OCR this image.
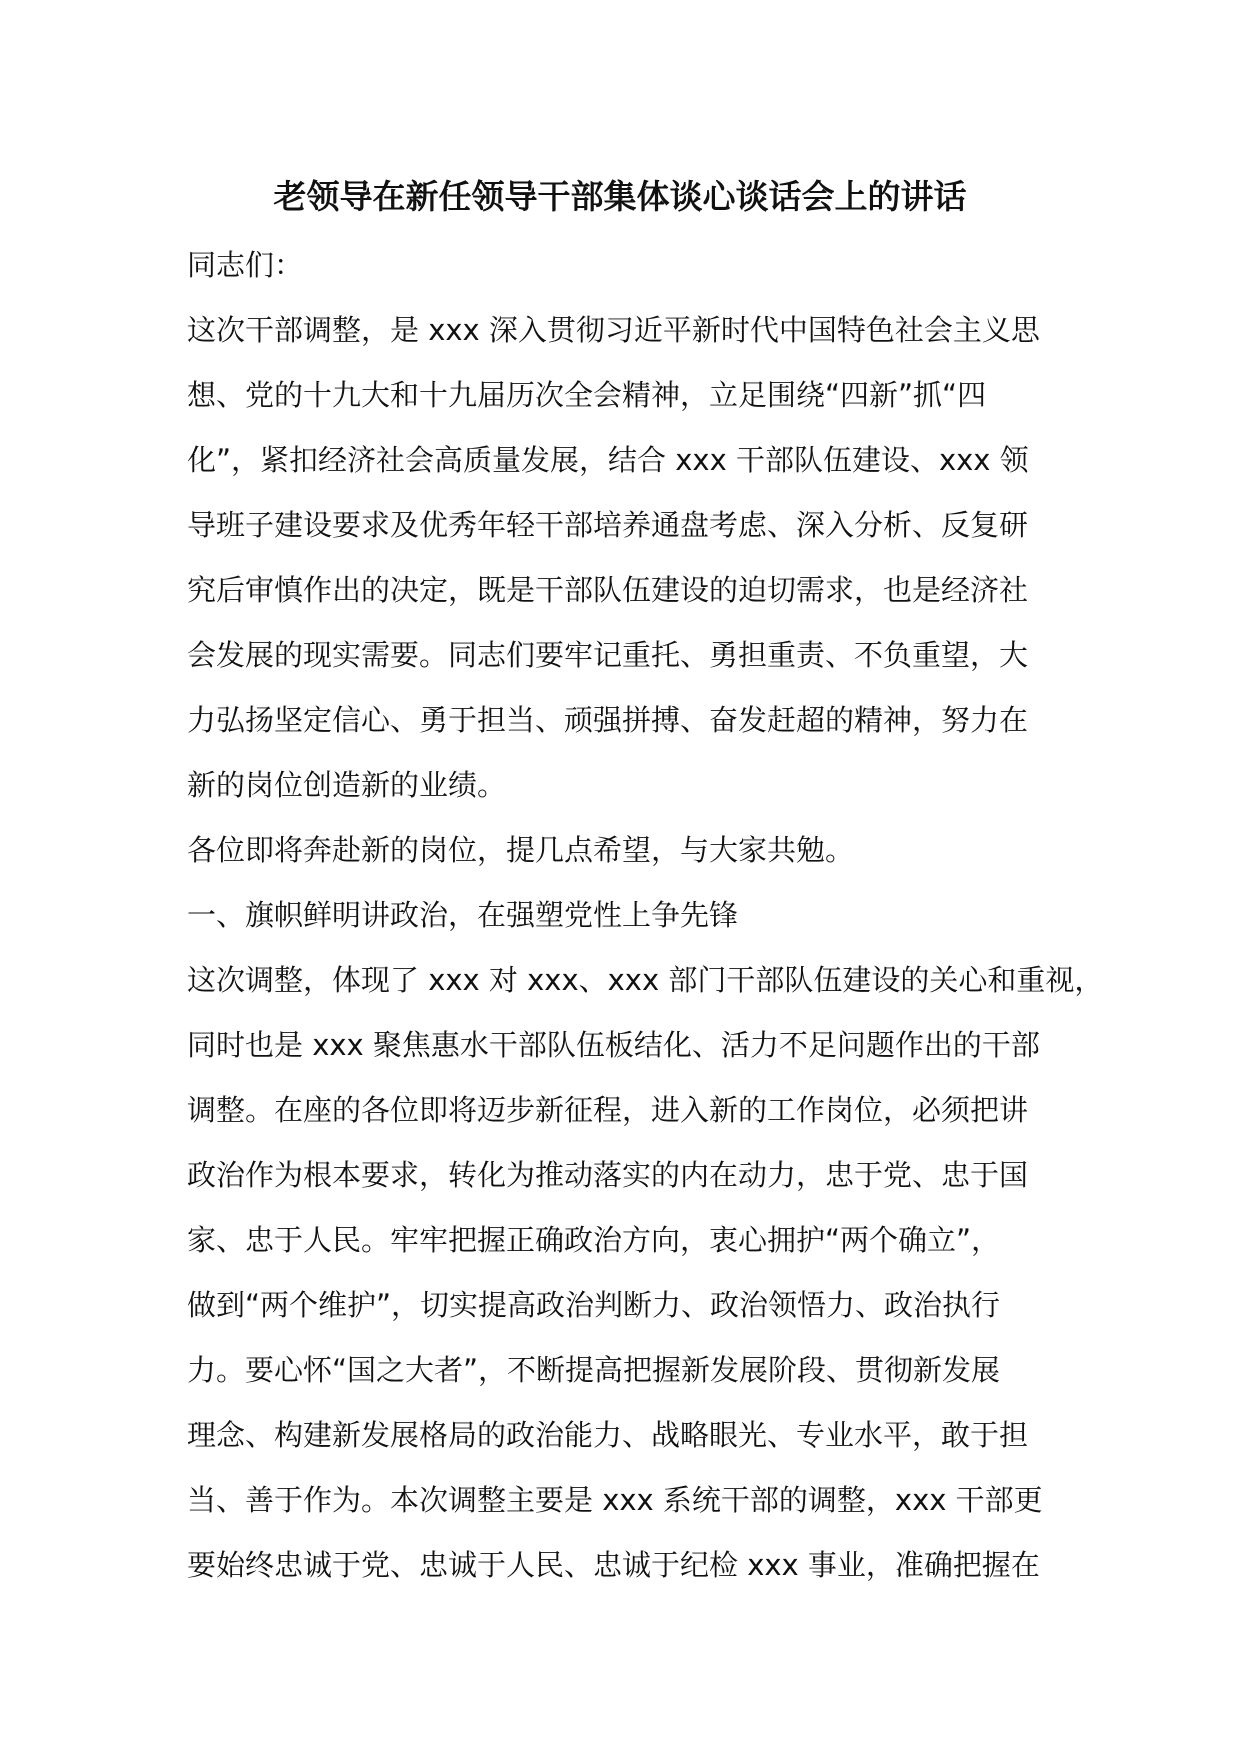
老领导在新任领导干部集体谈心谈话会上的讲话
同志们：
这次干部调整，是 xxx 深入贯彻习近平新时代中国特色社会主义思
想、党的十九大和十九届历次全会精神，立足围绕“四新”抓“四
化”，紧扣经济社会高质量发展，结合 xxx 干部队伍建设、xxx 领
导班子建设要求及优秀年轻干部培养通盘考虑、深入分析、反复研
究后审慎作出的决定，既是干部队伍建设的迫切需求，也是经济社
会发展的现实需要。同志们要牢记重托、勇担重责、不负重望，大
力弘扬坚定信心、勇于担当、顽强拼搏、奋发赶超的精神，努力在
新的岗位创造新的业绩。
各位即将奔赴新的岗位，提几点希望，与大家共勉。
一、旗帜鲜明讲政治，在强塑党性上争先锋
这次调整，体现了 xxx 对 xxx、xxx 部门干部队伍建设的关心和重视，
同时也是 xxx 聚焦惠水干部队伍板结化、活力不足问题作出的干部
调整。在座的各位即将迈步新征程，进入新的工作岗位，必须把讲
政治作为根本要求，转化为推动落实的内在动力，忠于党、忠于国
家、忠于人民。牢牢把握正确政治方向，衷心拥护“两个确立”，
做到“两个维护”，切实提高政治判断力、政治领悟力、政治执行
力。要心怀“国之大者”，不断提高把握新发展阶段、贯彻新发展
理念、构建新发展格局的政治能力、战略眼光、专业水平，敢于担
当、善于作为。本次调整主要是 xxx 系统干部的调整，xxx 干部更
要始终忠诚于党、忠诚于人民、忠诚于纪检 xxx 事业，准确把握在
